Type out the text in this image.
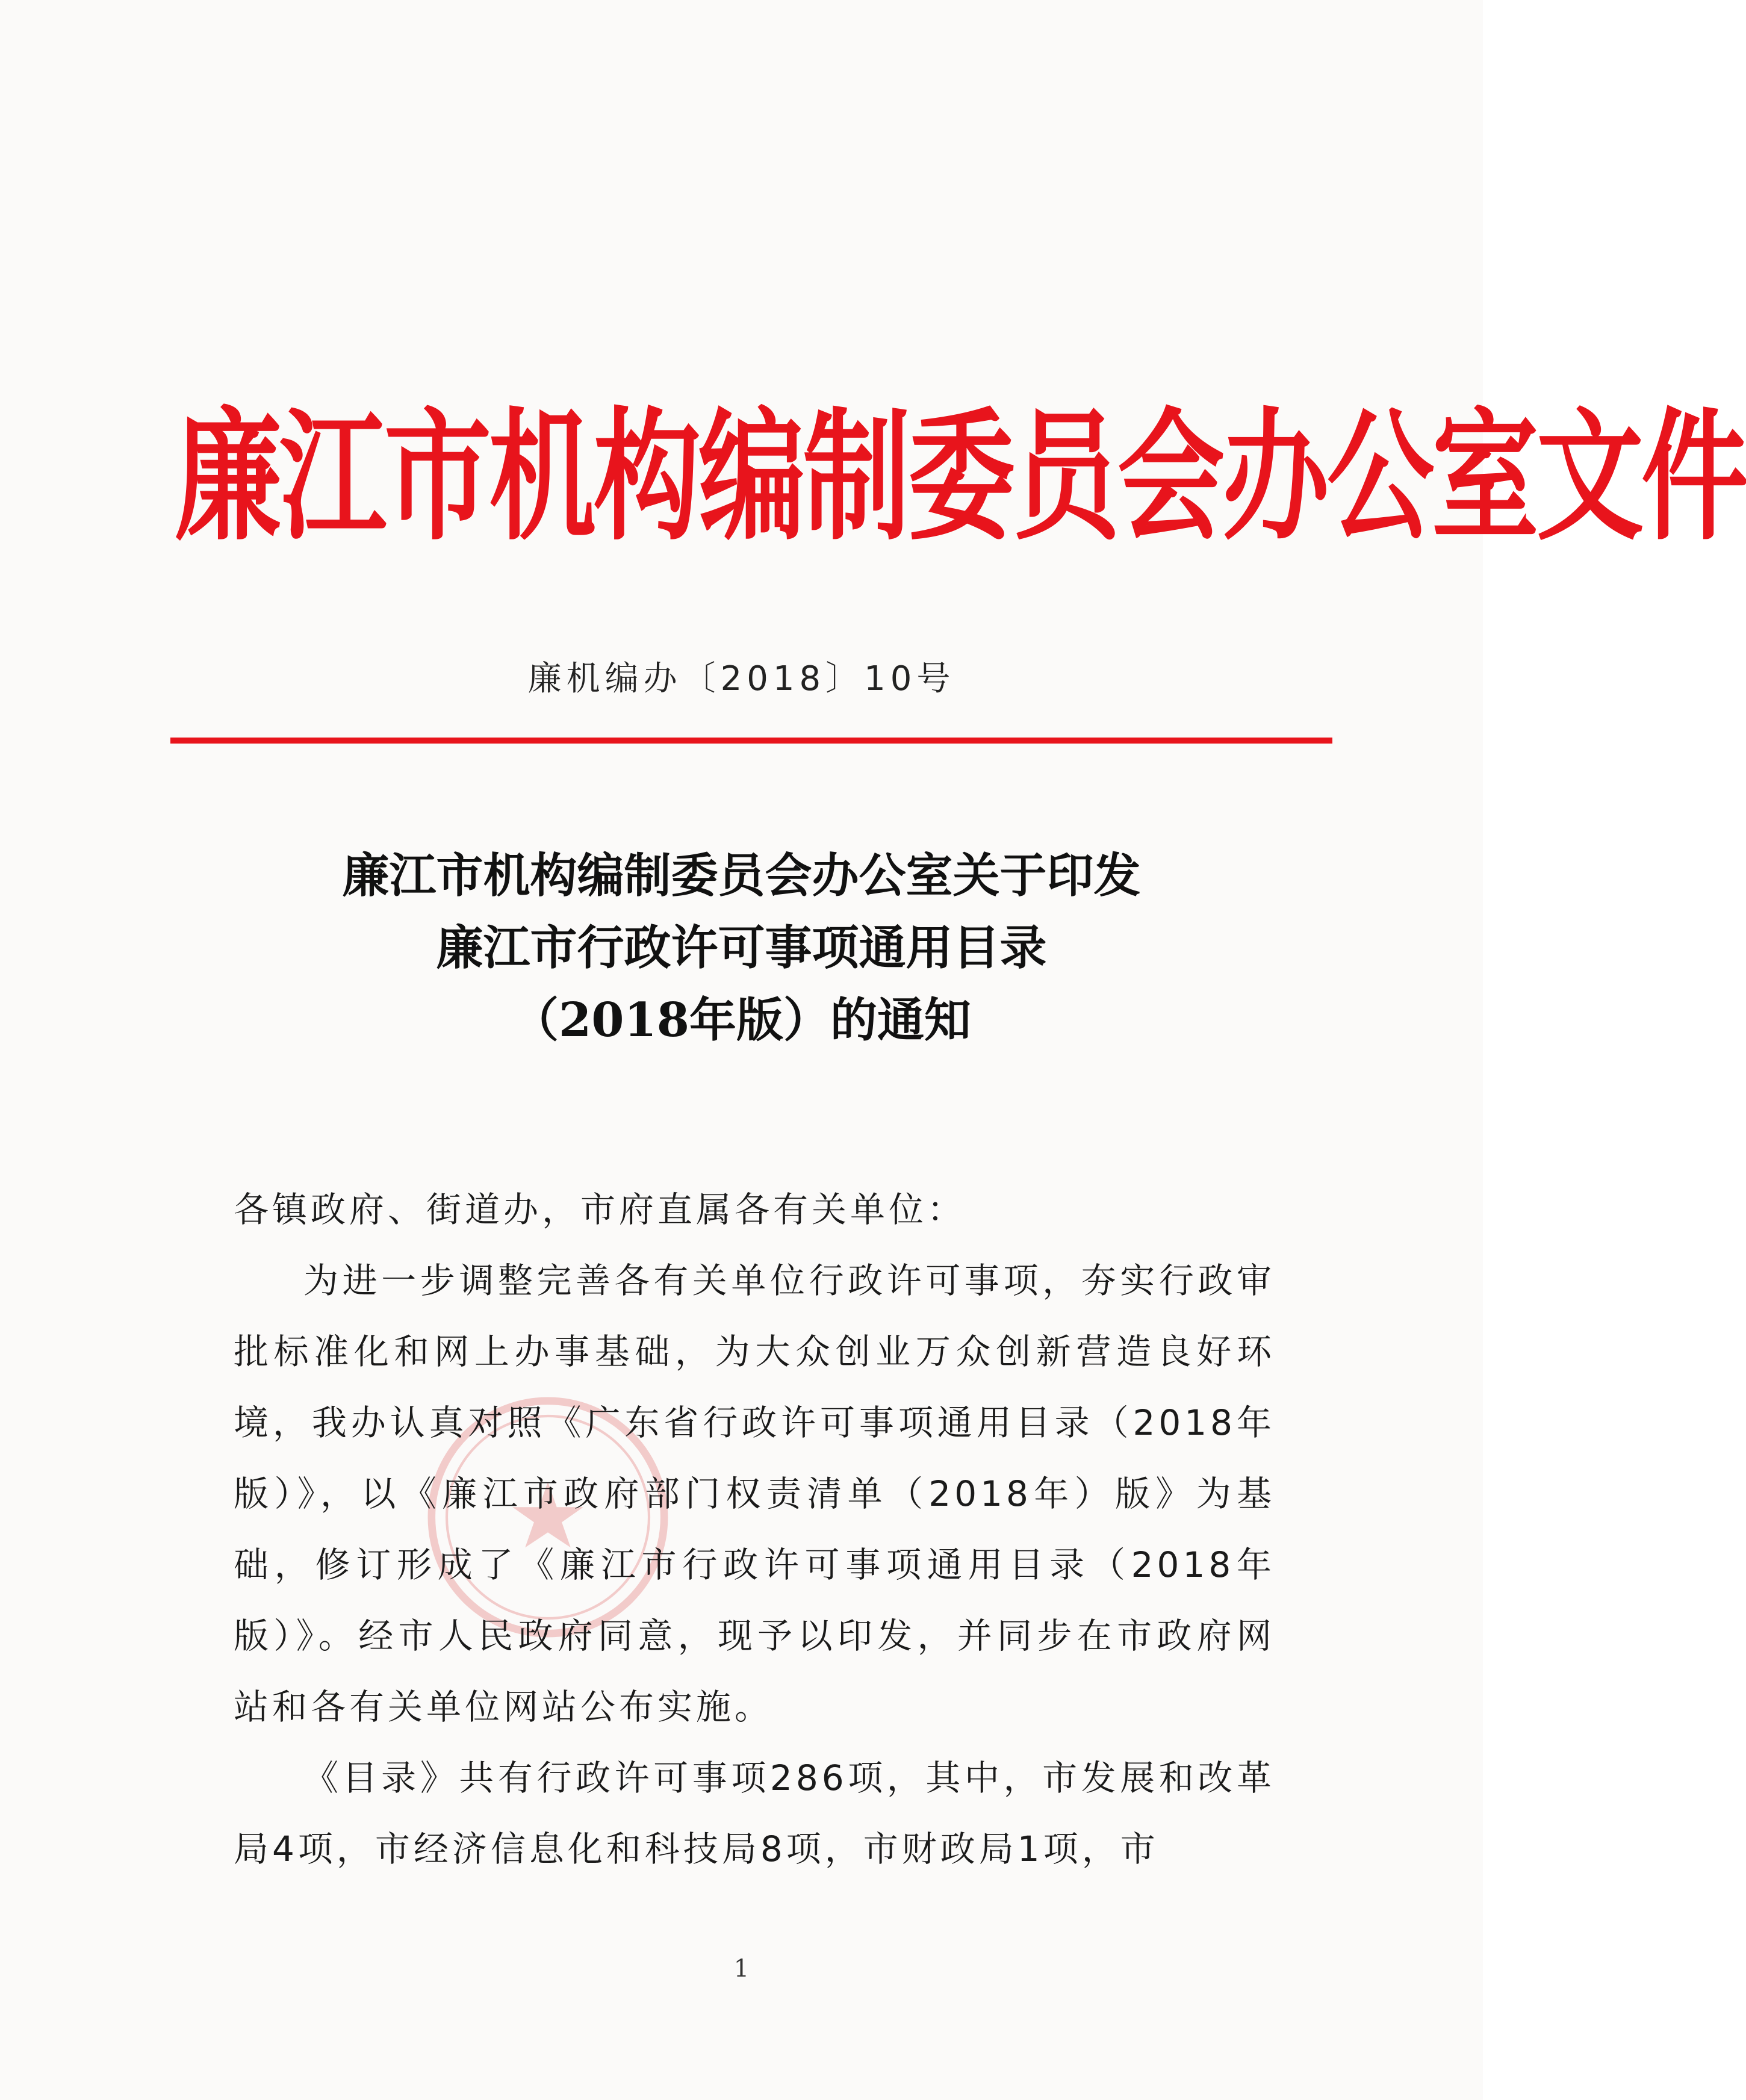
廉江市机构编制委员会办公室文件
廉机编办〔2018〕10号
廉江市机构编制委员会办公室关于印发
廉江市行政许可事项通用目录
（2018年版）的通知

各镇政府、街道办，市府直属各有关单位：

为进一步调整完善各有关单位行政许可事项，夯实行政审批标准化和网上办事基础，为大众创业万众创新营造良好环境，我办认真对照《广东省行政许可事项通用目录（2018年版）》，以《廉江市政府部门权责清单（2018年）版》为基础，修订形成了《廉江市行政许可事项通用目录（2018年版）》。经市人民政府同意，现予以印发，并同步在市政府网站和各有关单位网站公布实施。

《目录》共有行政许可事项286项，其中，市发展和改革局4项，市经济信息化和科技局8项，市财政局1项，市

1
